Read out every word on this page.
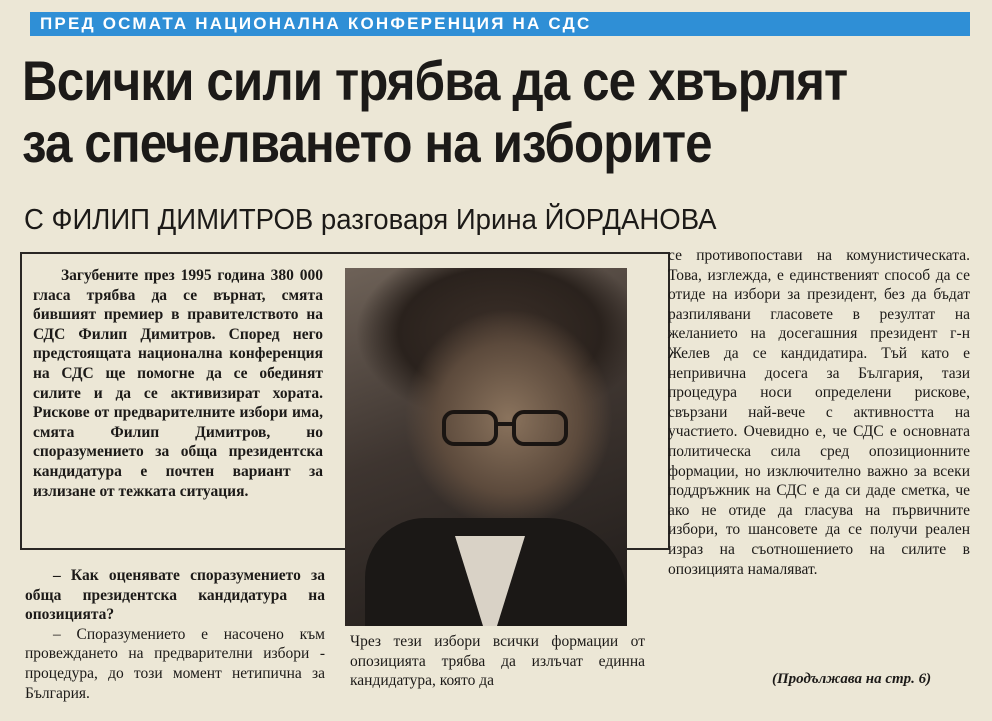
ПРЕД ОСМАТА НАЦИОНАЛНА КОНФЕРЕНЦИЯ НА СДС
Всички сили трябва да се хвърлят
за спечелването на изборите
С ФИЛИП ДИМИТРОВ разговаря Ирина ЙОРДАНОВА

Загубените през 1995 година 380 000 гласа трябва да се върнат, смята бившият премиер в правителството на СДС Филип Димитров. Според него предстоящата национална конференция на СДС ще помогне да се обединят силите и да се активизират хората. Рискове от предварителните избори има, смята Филип Димитров, но споразумението за обща президентска кандидатура е почтен вариант за излизане от тежката ситуация.

– Как оценявате споразумението за обща президентска кандидатура на опозицията?

– Споразумението е насочено към провеждането на предварителни избори - процедура, до този момент нетипична за България.

Чрез тези избори всички формации от опозицията трябва да излъчат единна кандидатура, която да

се противопостави на комунистическата. Това, изглежда, е единственият способ да се отиде на избори за президент, без да бъдат разпилявани гласовете в резултат на желанието на досегашния президент г-н Желев да се кандидатира. Тъй като е непривична досега за България, тази процедура носи определени рискове, свързани най-вече с активността на участието. Очевидно е, че СДС е основната политическа сила сред опозиционните формации, но изключително важно за всеки поддръжник на СДС е да си даде сметка, че ако не отиде да гласува на първичните избори, то шансовете да се получи реален израз на съотношението на силите в опозицията намаляват.

(Продължава на стр. 6)
